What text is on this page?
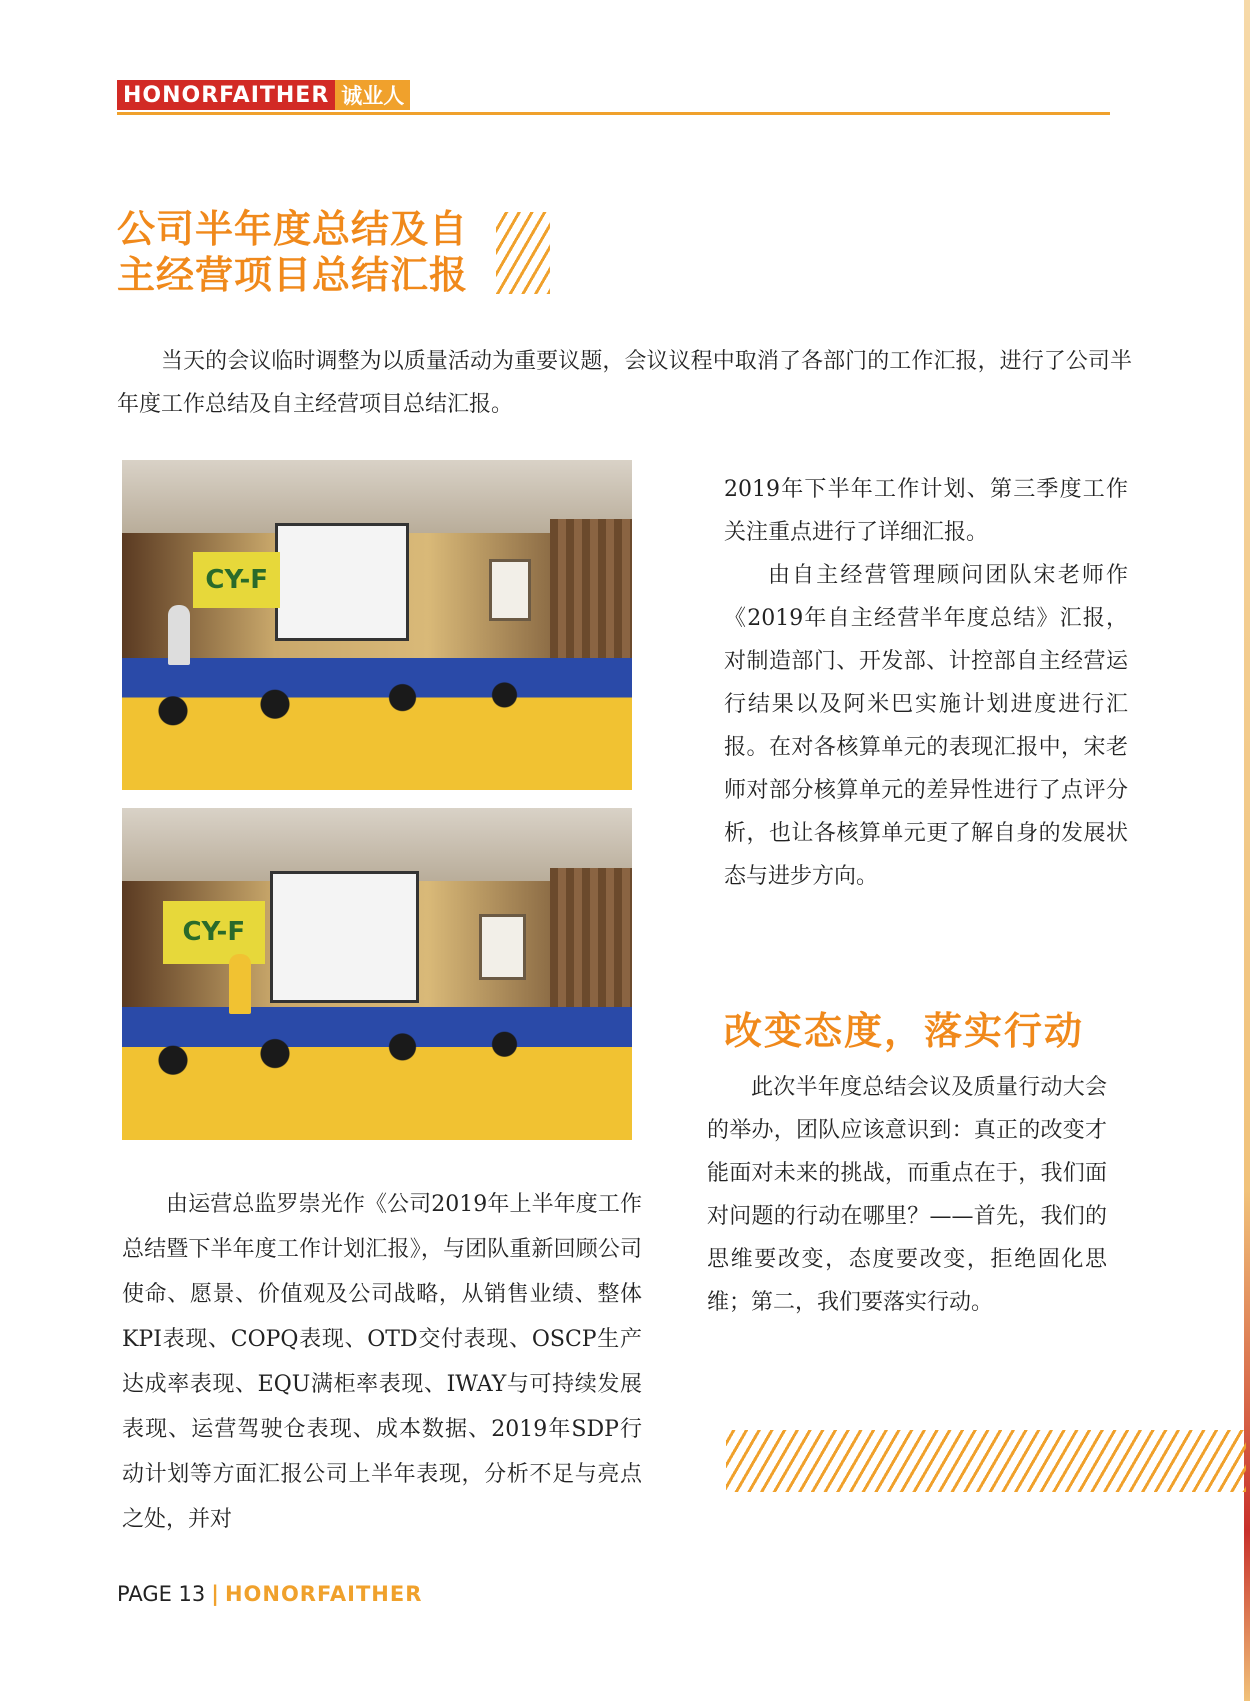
HONORFAITHER 诚业人
公司半年度总结及自
主经营项目总结汇报

当天的会议临时调整为以质量活动为重要议题，会议议程中取消了各部门的工作汇报，进行了公司半年度工作总结及自主经营项目总结汇报。

CY-F
CY-F

2019年下半年工作计划、第三季度工作关注重点进行了详细汇报。

由自主经营管理顾问团队宋老师作《2019年自主经营半年度总结》汇报，对制造部门、开发部、计控部自主经营运行结果以及阿米巴实施计划进度进行汇报。在对各核算单元的表现汇报中，宋老师对部分核算单元的差异性进行了点评分析，也让各核算单元更了解自身的发展状态与进步方向。

由运营总监罗崇光作《公司2019年上半年度工作总结暨下半年度工作计划汇报》，与团队重新回顾公司使命、愿景、价值观及公司战略，从销售业绩、整体KPI表现、COPQ表现、OTD交付表现、OSCP生产达成率表现、EQU满柜率表现、IWAY与可持续发展表现、运营驾驶仓表现、成本数据、2019年SDP行动计划等方面汇报公司上半年表现，分析不足与亮点之处，并对

改变态度，落实行动

此次半年度总结会议及质量行动大会的举办，团队应该意识到：真正的改变才能面对未来的挑战，而重点在于，我们面对问题的行动在哪里？——首先，我们的思维要改变，态度要改变，拒绝固化思维；第二，我们要落实行动。

PAGE 13 | HONORFAITHER
